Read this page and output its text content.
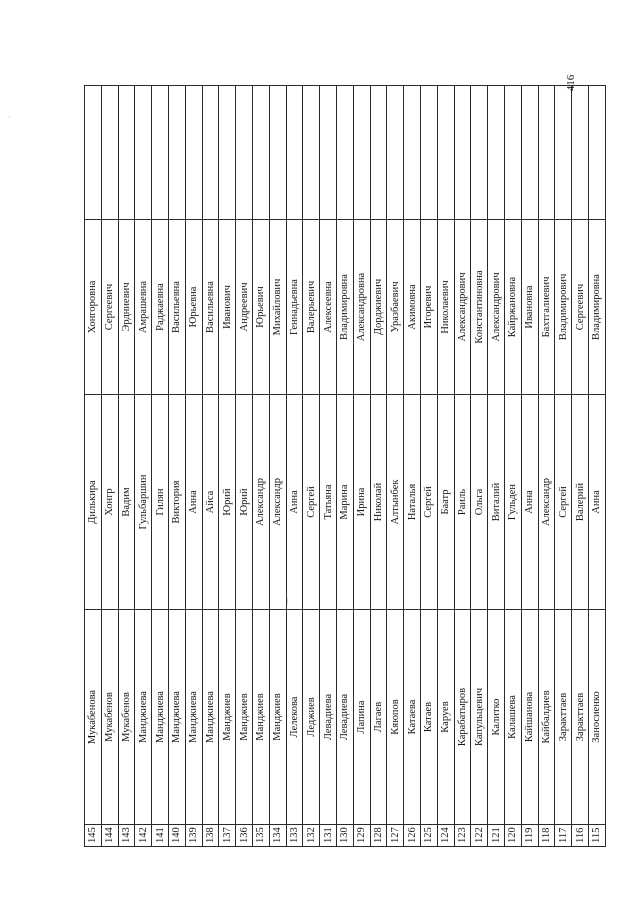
416
·
⁝
145	Мукабенова	Дилькира	Хонгоровна	
144	Мукабенов	Хонгр	Сергеевич	
143	Мукабенов	Вадим	Эрдниевич	
142	Манджиева	Гульбаршин	Амрашевна	
141	Манджиева	Гилян	Раджаевна	
140	Манджиева	Виктория	Васильевна	
139	Манджиева	Анна	Юрьевна	
138	Манджиева	Айса	Васильевна	
137	Манджиев	Юрий	Иванович	
136	Манджиев	Юрий	Андреевич	
135	Манджиев	Александр	Юрьевич	
134	Манджиев	Александр	Михайлович	
133	Лелекова	Анна	Геннадьевна	
132	Леджиев	Сергей	Валерьевич	
131	Левадиева	Татьяна	Алексеевна	
130	Левадиева	Марина	Владимировна	
129	Лапина	Ирина	Александровна	
128	Лагаев	Николай	Дорджиевич	
127	Кяюпов	Алтынбек	Уразбаевич	
126	Катаева	Наталья	Акимовна	
125	Катаев	Сергей	Игоревич	
124	Каруев	Баатр	Николаевич	
123	Карабатыров	Раиль	Александрович	
122	Капульцевич	Ольга	Константиновна	
121	Калитко	Виталий	Александрович	
120	Калашева	Гульден	Кайржановна	
119	Кайшанова	Анна	Ивановна	
118	Кайбалдиев	Александр	Бахтгалиевич	
117	Заракттаев	Сергей	Владимирович	
116	Заракттаев	Валерий	Сергеевич	
115	Заносиенко	Анна	Владимировна	
